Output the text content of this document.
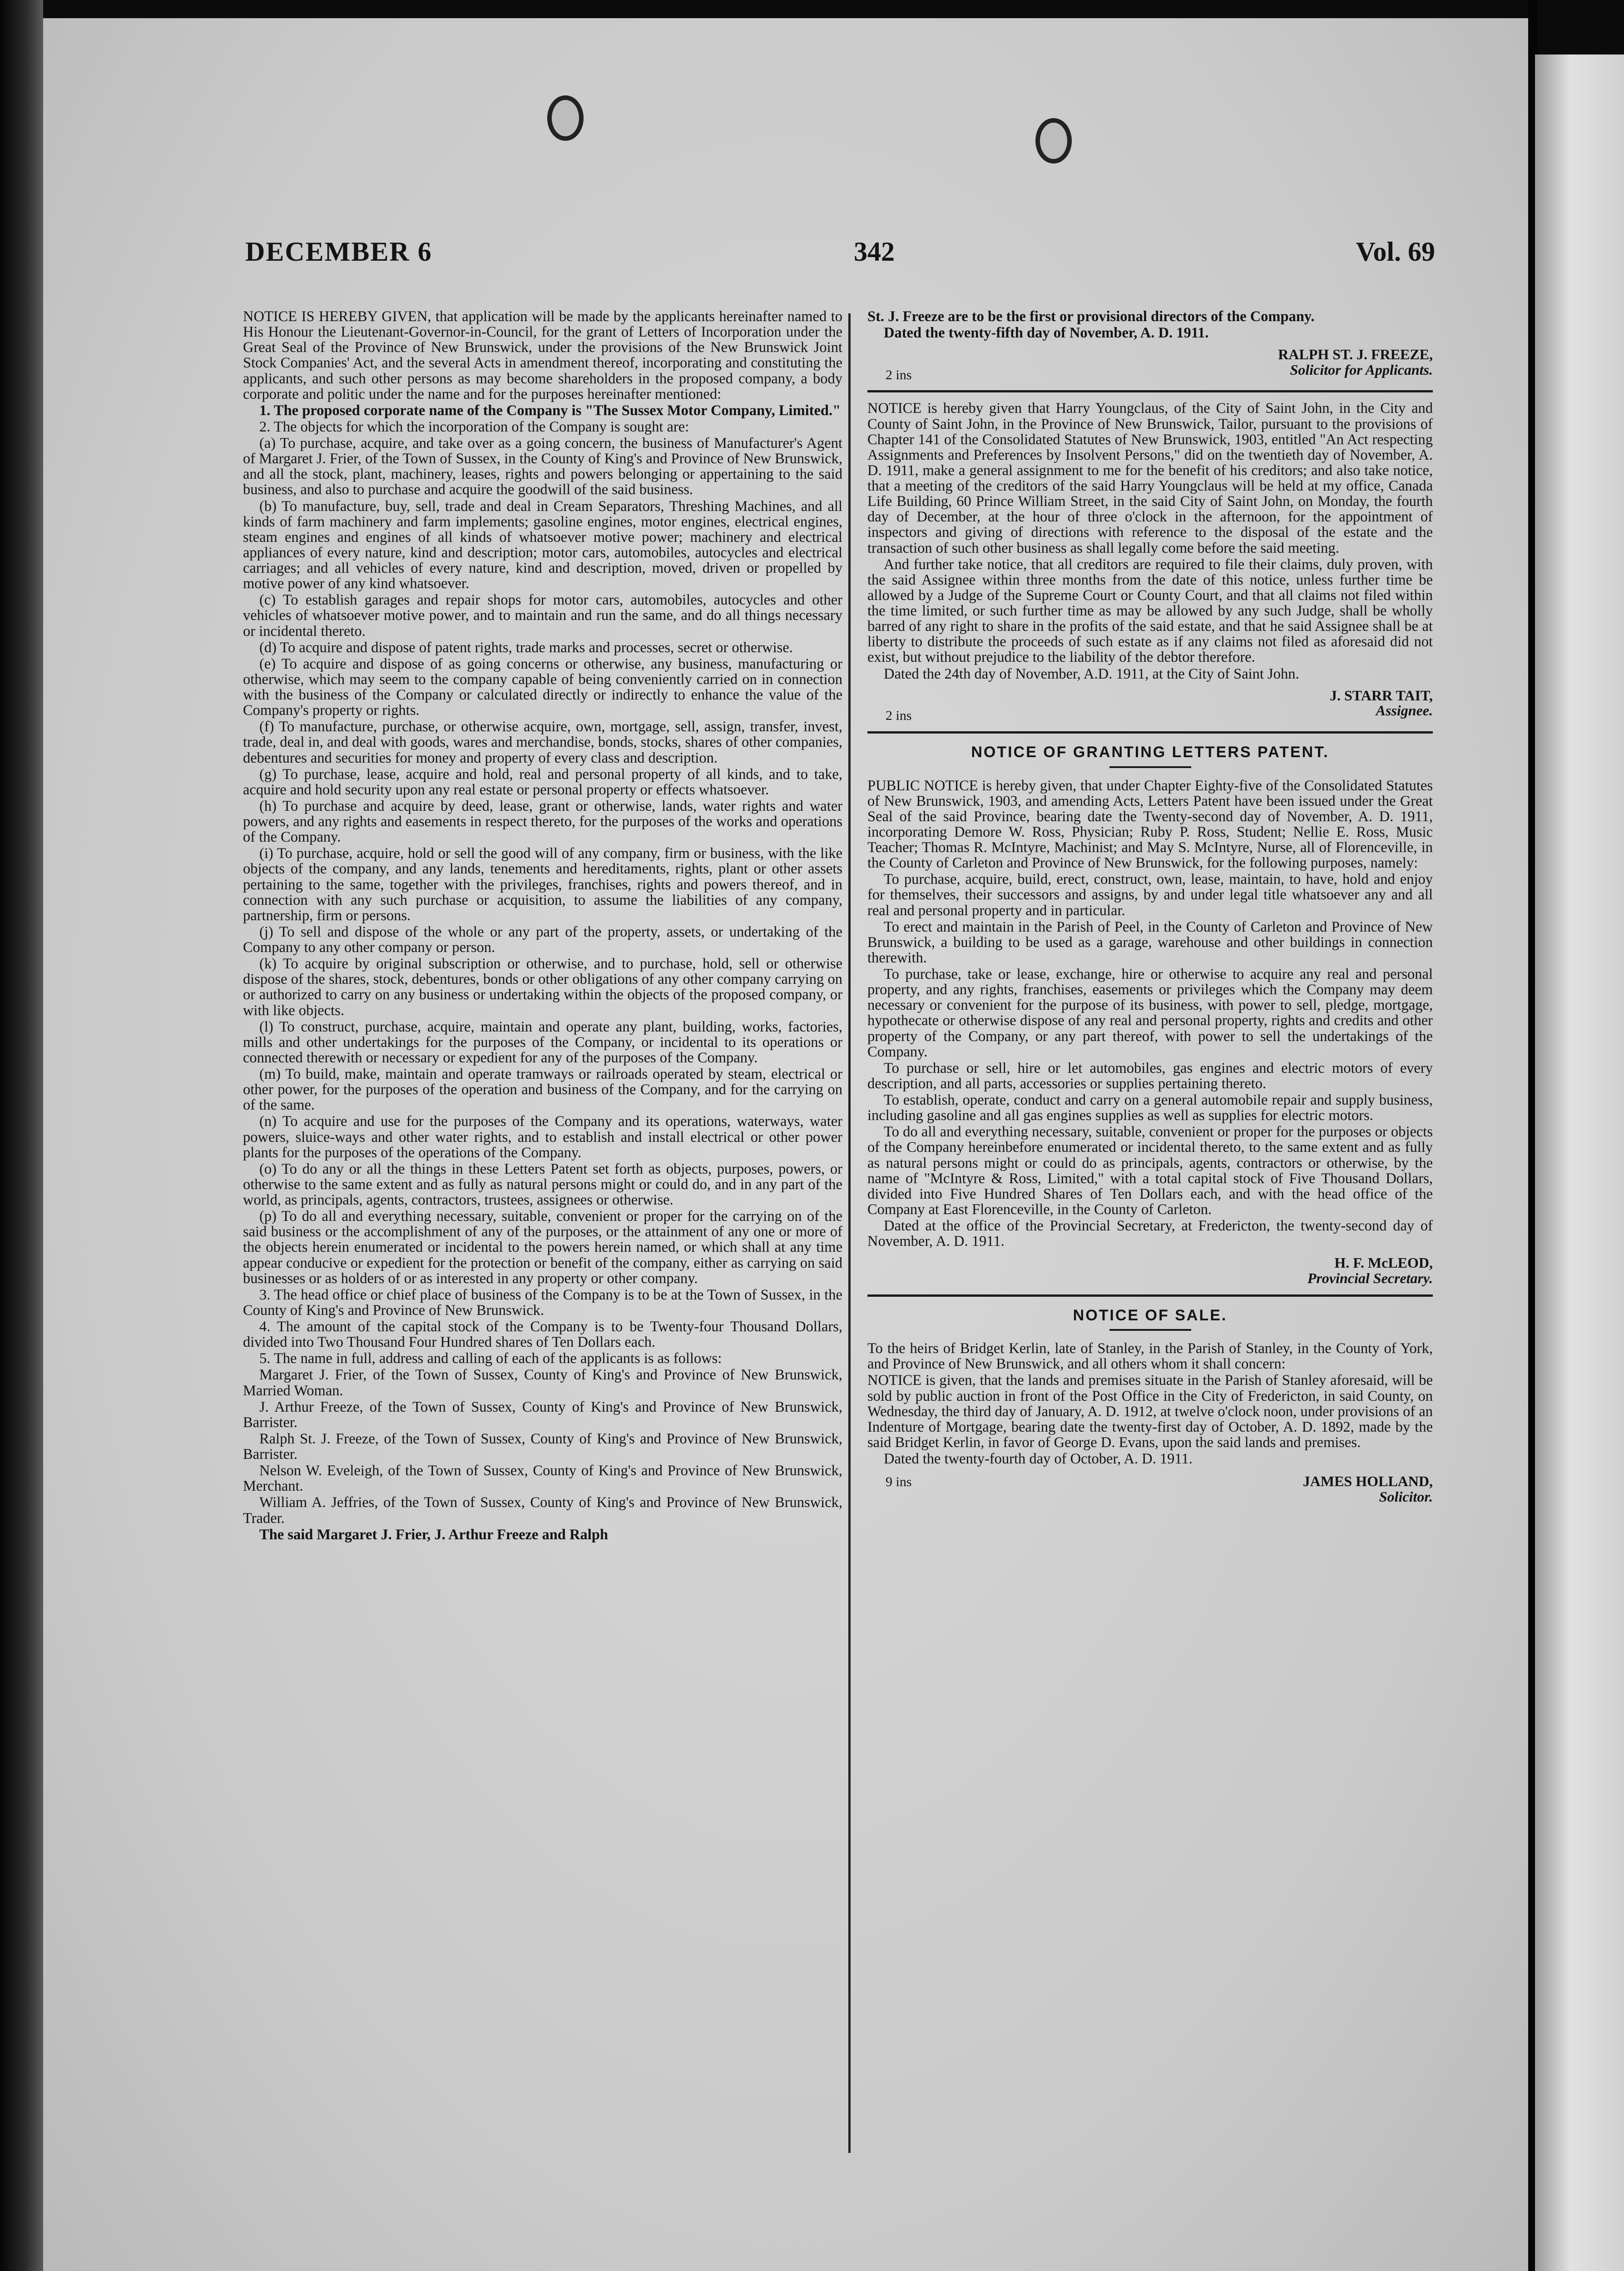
DECEMBER 6	342	Vol. 69

NOTICE IS HEREBY GIVEN, that application will be made by the applicants hereinafter named to His Honour the Lieutenant-Governor-in-Council, for the grant of Letters of Incorporation under the Great Seal of the Province of New Brunswick, under the provisions of the New Brunswick Joint Stock Companies' Act, and the several Acts in amendment thereof, incorporating and constituting the applicants, and such other persons as may become shareholders in the proposed company, a body corporate and politic under the name and for the purposes hereinafter mentioned:

1. The proposed corporate name of the Company is "The Sussex Motor Company, Limited."

2. The objects for which the incorporation of the Company is sought are:

(a) To purchase, acquire, and take over as a going concern, the business of Manufacturer's Agent of Margaret J. Frier, of the Town of Sussex, in the County of King's and Province of New Brunswick, and all the stock, plant, machinery, leases, rights and powers belonging or appertaining to the said business, and also to purchase and acquire the goodwill of the said business.

(b) To manufacture, buy, sell, trade and deal in Cream Separators, Threshing Machines, and all kinds of farm machinery and farm implements; gasoline engines, motor engines, electrical engines, steam engines and engines of all kinds of whatsoever motive power; machinery and electrical appliances of every nature, kind and description; motor cars, automobiles, autocycles and electrical carriages; and all vehicles of every nature, kind and description, moved, driven or propelled by motive power of any kind whatsoever.

(c) To establish garages and repair shops for motor cars, automobiles, autocycles and other vehicles of whatsoever motive power, and to maintain and run the same, and do all things necessary or incidental thereto.

(d) To acquire and dispose of patent rights, trade marks and processes, secret or otherwise.

(e) To acquire and dispose of as going concerns or otherwise, any business, manufacturing or otherwise, which may seem to the company capable of being conveniently carried on in connection with the business of the Company or calculated directly or indirectly to enhance the value of the Company's property or rights.

(f) To manufacture, purchase, or otherwise acquire, own, mortgage, sell, assign, transfer, invest, trade, deal in, and deal with goods, wares and merchandise, bonds, stocks, shares of other companies, debentures and securities for money and property of every class and description.

(g) To purchase, lease, acquire and hold, real and personal property of all kinds, and to take, acquire and hold security upon any real estate or personal property or effects whatsoever.

(h) To purchase and acquire by deed, lease, grant or otherwise, lands, water rights and water powers, and any rights and easements in respect thereto, for the purposes of the works and operations of the Company.

(i) To purchase, acquire, hold or sell the good will of any company, firm or business, with the like objects of the company, and any lands, tenements and hereditaments, rights, plant or other assets pertaining to the same, together with the privileges, franchises, rights and powers thereof, and in connection with any such purchase or acquisition, to assume the liabilities of any company, partnership, firm or persons.

(j) To sell and dispose of the whole or any part of the property, assets, or undertaking of the Company to any other company or person.

(k) To acquire by original subscription or otherwise, and to purchase, hold, sell or otherwise dispose of the shares, stock, debentures, bonds or other obligations of any other company carrying on or authorized to carry on any business or undertaking within the objects of the proposed company, or with like objects.

(l) To construct, purchase, acquire, maintain and operate any plant, building, works, factories, mills and other undertakings for the purposes of the Company, or incidental to its operations or connected therewith or necessary or expedient for any of the purposes of the Company.

(m) To build, make, maintain and operate tramways or railroads operated by steam, electrical or other power, for the purposes of the operation and business of the Company, and for the carrying on of the same.

(n) To acquire and use for the purposes of the Company and its operations, waterways, water powers, sluice-ways and other water rights, and to establish and install electrical or other power plants for the purposes of the operations of the Company.

(o) To do any or all the things in these Letters Patent set forth as objects, purposes, powers, or otherwise to the same extent and as fully as natural persons might or could do, and in any part of the world, as principals, agents, contractors, trustees, assignees or otherwise.

(p) To do all and everything necessary, suitable, convenient or proper for the carrying on of the said business or the accomplishment of any of the purposes, or the attainment of any one or more of the objects herein enumerated or incidental to the powers herein named, or which shall at any time appear conducive or expedient for the protection or benefit of the company, either as carrying on said businesses or as holders of or as interested in any property or other company.

3. The head office or chief place of business of the Company is to be at the Town of Sussex, in the County of King's and Province of New Brunswick.

4. The amount of the capital stock of the Company is to be Twenty-four Thousand Dollars, divided into Two Thousand Four Hundred shares of Ten Dollars each.

5. The name in full, address and calling of each of the applicants is as follows:

Margaret J. Frier, of the Town of Sussex, County of King's and Province of New Brunswick, Married Woman.

J. Arthur Freeze, of the Town of Sussex, County of King's and Province of New Brunswick, Barrister.

Ralph St. J. Freeze, of the Town of Sussex, County of King's and Province of New Brunswick, Barrister.

Nelson W. Eveleigh, of the Town of Sussex, County of King's and Province of New Brunswick, Merchant.

William A. Jeffries, of the Town of Sussex, County of King's and Province of New Brunswick, Trader.

The said Margaret J. Frier, J. Arthur Freeze and Ralph

St. J. Freeze are to be the first or provisional directors of the Company.

Dated the twenty-fifth day of November, A. D. 1911.

RALPH ST. J. FREEZE,
2 ins	Solicitor for Applicants.

NOTICE is hereby given that Harry Youngclaus, of the City of Saint John, in the City and County of Saint John, in the Province of New Brunswick, Tailor, pursuant to the provisions of Chapter 141 of the Consolidated Statutes of New Brunswick, 1903, entitled "An Act respecting Assignments and Preferences by Insolvent Persons," did on the twentieth day of November, A. D. 1911, make a general assignment to me for the benefit of his creditors; and also take notice, that a meeting of the creditors of the said Harry Youngclaus will be held at my office, Canada Life Building, 60 Prince William Street, in the said City of Saint John, on Monday, the fourth day of December, at the hour of three o'clock in the afternoon, for the appointment of inspectors and giving of directions with reference to the disposal of the estate and the transaction of such other business as shall legally come before the said meeting.

And further take notice, that all creditors are required to file their claims, duly proven, with the said Assignee within three months from the date of this notice, unless further time be allowed by a Judge of the Supreme Court or County Court, and that all claims not filed within the time limited, or such further time as may be allowed by any such Judge, shall be wholly barred of any right to share in the profits of the said estate, and that he said Assignee shall be at liberty to distribute the proceeds of such estate as if any claims not filed as aforesaid did not exist, but without prejudice to the liability of the debtor therefore.

Dated the 24th day of November, A.D. 1911, at the City of Saint John.

J. STARR TAIT,
2 ins	Assignee.
NOTICE OF GRANTING LETTERS PATENT.

PUBLIC NOTICE is hereby given, that under Chapter Eighty-five of the Consolidated Statutes of New Brunswick, 1903, and amending Acts, Letters Patent have been issued under the Great Seal of the said Province, bearing date the Twenty-second day of November, A. D. 1911, incorporating Demore W. Ross, Physician; Ruby P. Ross, Student; Nellie E. Ross, Music Teacher; Thomas R. McIntyre, Machinist; and May S. McIntyre, Nurse, all of Florenceville, in the County of Carleton and Province of New Brunswick, for the following purposes, namely:

To purchase, acquire, build, erect, construct, own, lease, maintain, to have, hold and enjoy for themselves, their successors and assigns, by and under legal title whatsoever any and all real and personal property and in particular.

To erect and maintain in the Parish of Peel, in the County of Carleton and Province of New Brunswick, a building to be used as a garage, warehouse and other buildings in connection therewith.

To purchase, take or lease, exchange, hire or otherwise to acquire any real and personal property, and any rights, franchises, easements or privileges which the Company may deem necessary or convenient for the purpose of its business, with power to sell, pledge, mortgage, hypothecate or otherwise dispose of any real and personal property, rights and credits and other property of the Company, or any part thereof, with power to sell the undertakings of the Company.

To purchase or sell, hire or let automobiles, gas engines and electric motors of every description, and all parts, accessories or supplies pertaining thereto.

To establish, operate, conduct and carry on a general automobile repair and supply business, including gasoline and all gas engines supplies as well as supplies for electric motors.

To do all and everything necessary, suitable, convenient or proper for the purposes or objects of the Company hereinbefore enumerated or incidental thereto, to the same extent and as fully as natural persons might or could do as principals, agents, contractors or otherwise, by the name of "McIntyre & Ross, Limited," with a total capital stock of Five Thousand Dollars, divided into Five Hundred Shares of Ten Dollars each, and with the head office of the Company at East Florenceville, in the County of Carleton.

Dated at the office of the Provincial Secretary, at Fredericton, the twenty-second day of November, A. D. 1911.

H. F. McLEOD,
Provincial Secretary.
NOTICE OF SALE.

To the heirs of Bridget Kerlin, late of Stanley, in the Parish of Stanley, in the County of York, and Province of New Brunswick, and all others whom it shall concern:

NOTICE is given, that the lands and premises situate in the Parish of Stanley aforesaid, will be sold by public auction in front of the Post Office in the City of Fredericton, in said County, on Wednesday, the third day of January, A. D. 1912, at twelve o'clock noon, under provisions of an Indenture of Mortgage, bearing date the twenty-first day of October, A. D. 1892, made by the said Bridget Kerlin, in favor of George D. Evans, upon the said lands and premises.

Dated the twenty-fourth day of October, A. D. 1911.

9 ins	JAMES HOLLAND,
Solicitor.
